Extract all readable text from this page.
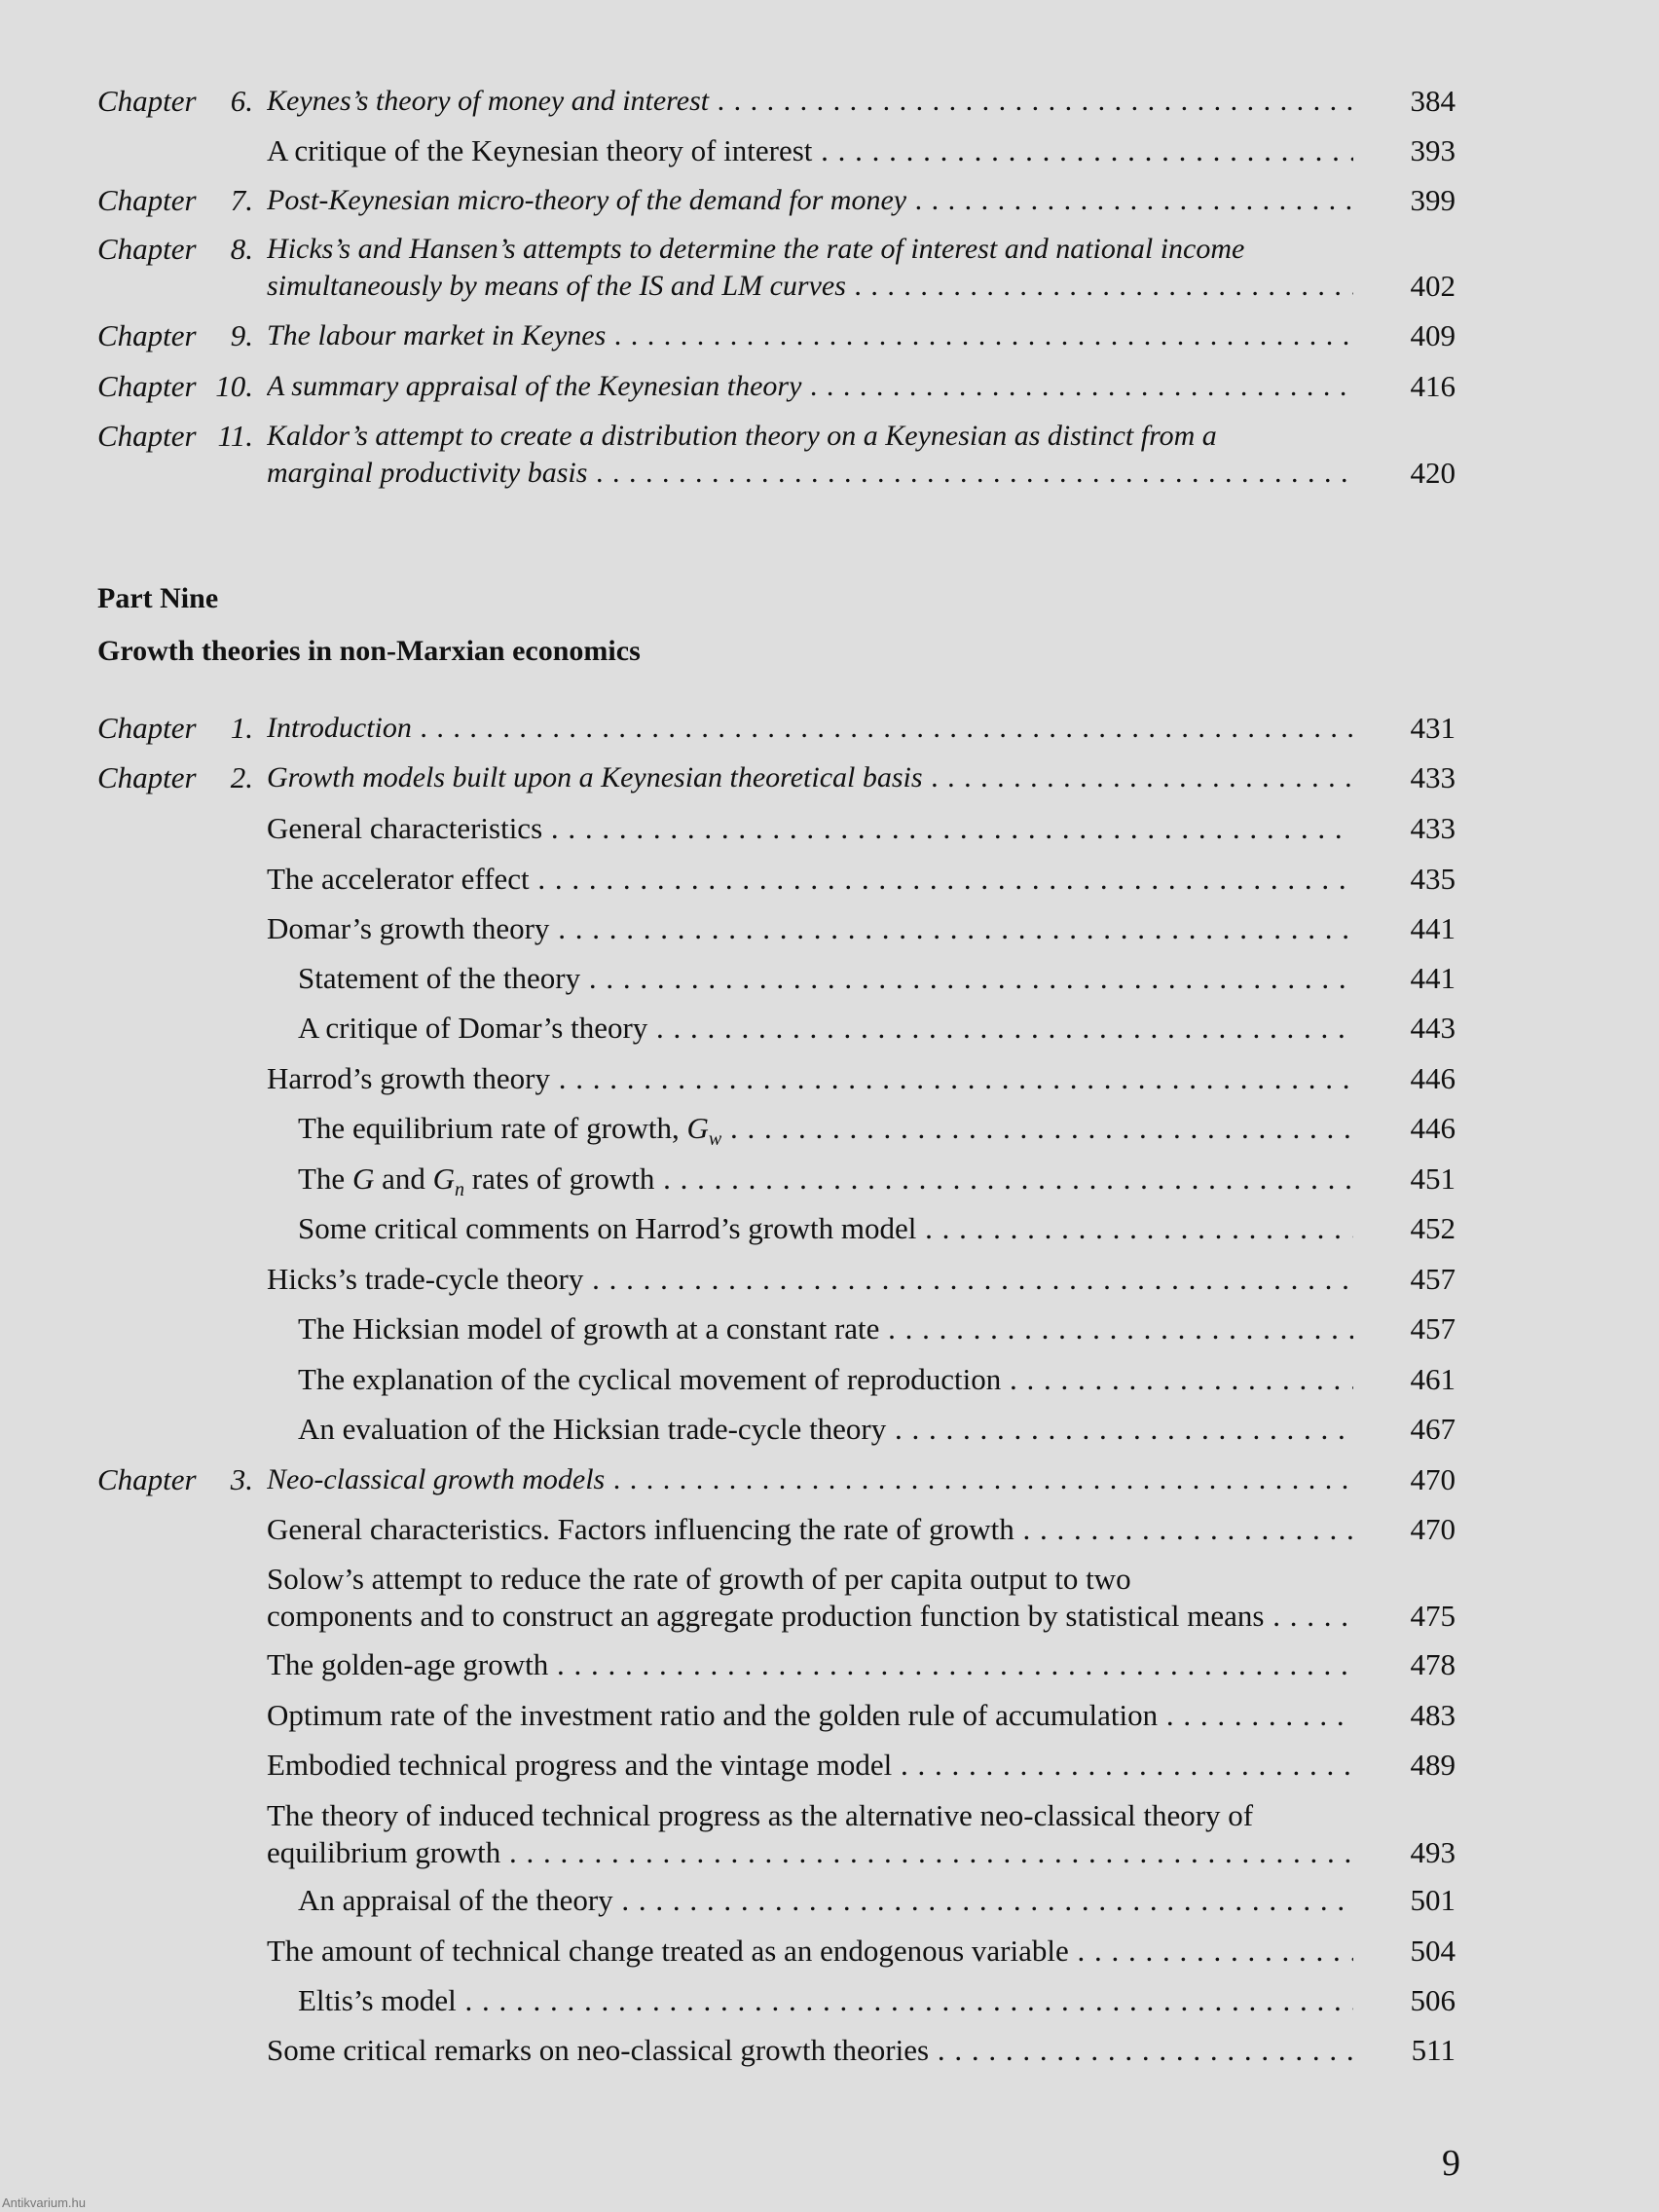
Chapter	6. Keynes’s theory of money and interest . . .	384
A critique of the Keynesian theory of interest . . .	393
Chapter	7. Post-Keynesian micro-theory of the demand for money . . .	399
Chapter	8. Hicks’s and Hansen’s attempts to determine the rate of interest and national income
simultaneously by means of the IS and LM curves . . .	402
Chapter	9. The labour market in Keynes . . .	409
Chapter 10. A summary appraisal of the Keynesian theory . . .	416
Chapter 11. Kaldor’s attempt to create a distribution theory on a Keynesian as distinct from a
marginal productivity basis . . .	420
Chapter	1. Introduction . . .	431
Chapter	2. Growth models built upon a Keynesian theoretical basis . . .	433
General characteristics . . .	433
The accelerator effect . . .	435
Domar’s growth theory . . .	441
Statement of the theory . . .	441
A critique of Domar’s theory . . .	443
Harrod’s growth theory . . .	446
The equilibrium rate of growth, $G_w$ . . .	446
The G and $G_n$ rates of growth . . .	451
Some critical comments on Harrod’s growth model . . .	452
Hicks’s trade-cycle theory . . .	457
The Hicksian model of growth at a constant rate . . .	457
The explanation of the cyclical movement of reproduction . . .	461
An evaluation of the Hicksian trade-cycle theory . . .	467
Chapter	3. Neo-classical growth models . . .	470
General characteristics. Factors influencing the rate of growth . . .	470
Solow’s attempt to reduce the rate of growth of per capita output to two
components and to construct an aggregate production function by statistical means . . .	475
The golden-age growth . . .	478
Optimum rate of the investment ratio and the golden rule of accumulation . . .	483
Embodied technical progress and the vintage model . . .	489
The theory of induced technical progress as the alternative neo-classical theory of
equilibrium growth . . .	493
An appraisal of the theory . . .	501
The amount of technical change treated as an endogenous variable . . .	504
Eltis’s model . . .	506
Some critical remarks on neo-classical growth theories . . .	511
Part Nine
Growth theories in non-Marxian economics
9
Antikvarium.hu
